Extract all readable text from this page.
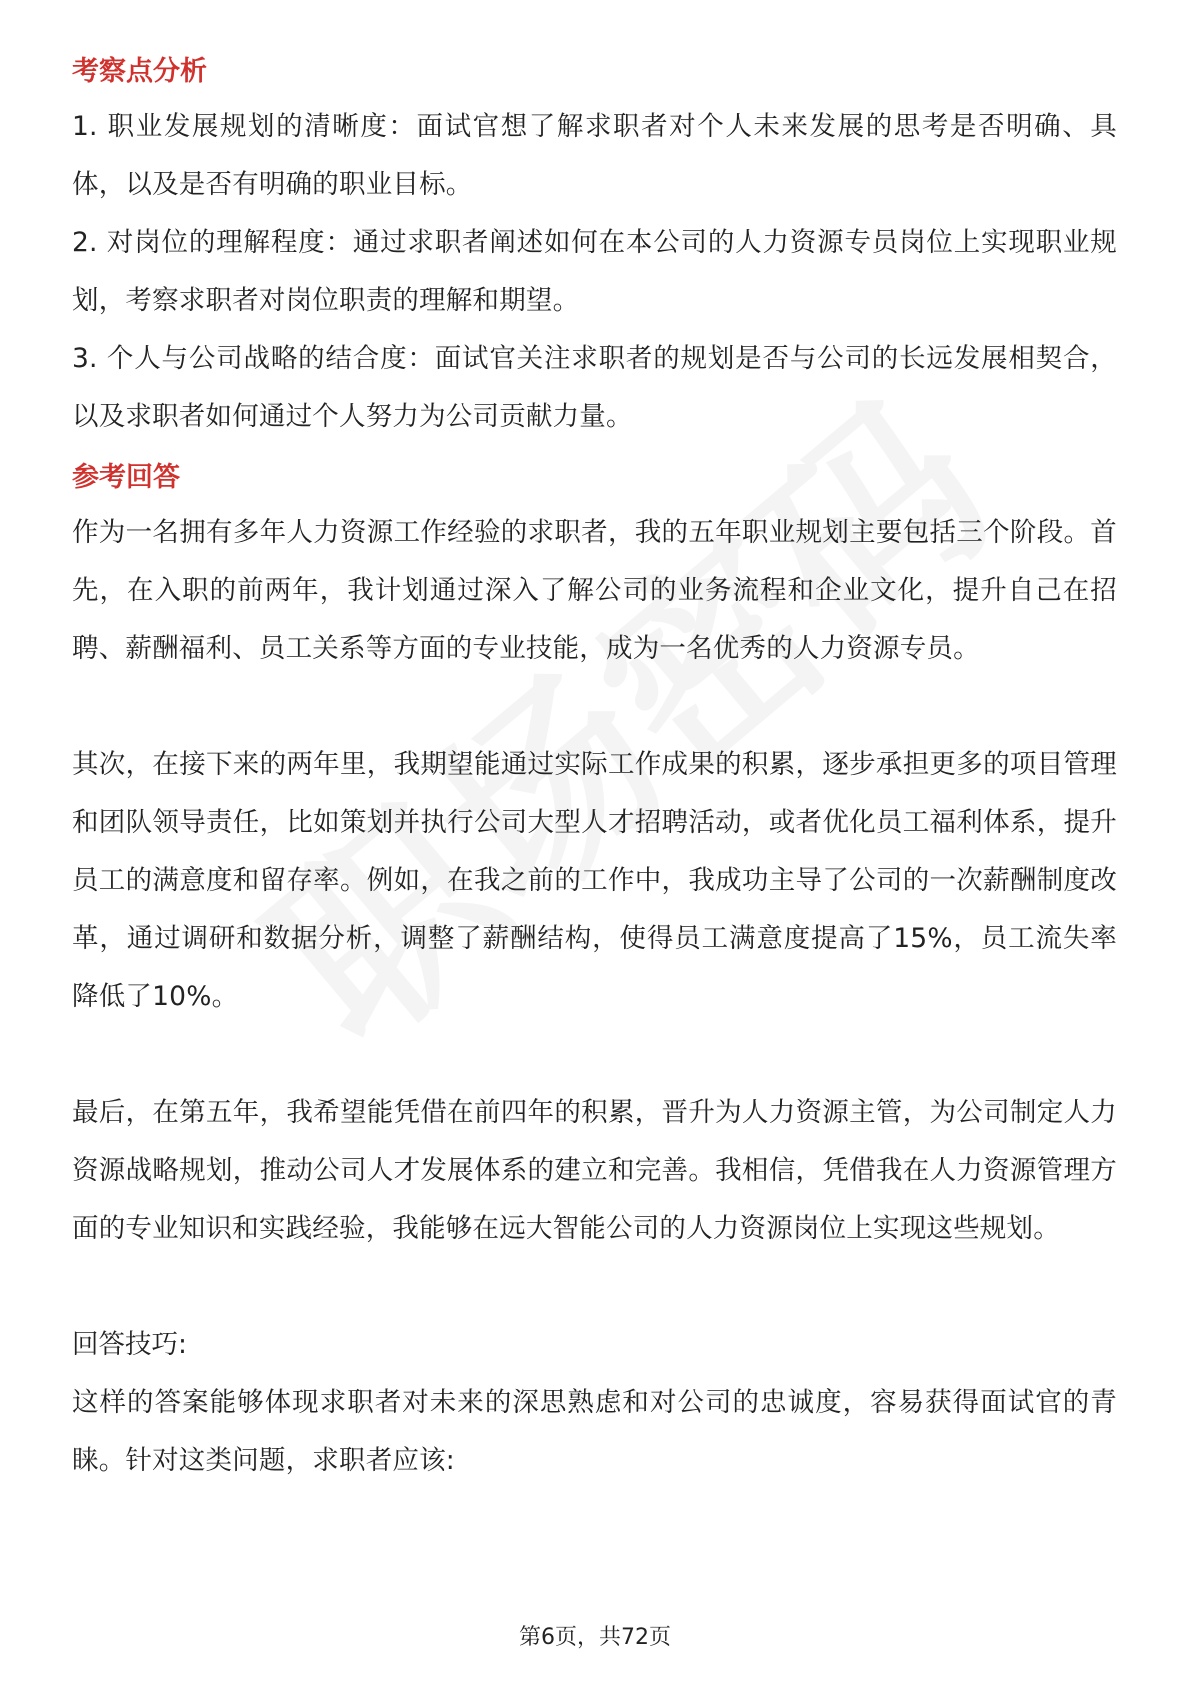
考察点分析

1. 职业发展规划的清晰度：面试官想了解求职者对个人未来发展的思考是否明确、具体，以及是否有明确的职业目标。

2. 对岗位的理解程度：通过求职者阐述如何在本公司的人力资源专员岗位上实现职业规划，考察求职者对岗位职责的理解和期望。

3. 个人与公司战略的结合度：面试官关注求职者的规划是否与公司的长远发展相契合，以及求职者如何通过个人努力为公司贡献力量。

参考回答

作为一名拥有多年人力资源工作经验的求职者，我的五年职业规划主要包括三个阶段。首先，在入职的前两年，我计划通过深入了解公司的业务流程和企业文化，提升自己在招聘、薪酬福利、员工关系等方面的专业技能，成为一名优秀的人力资源专员。

其次，在接下来的两年里，我期望能通过实际工作成果的积累，逐步承担更多的项目管理和团队领导责任，比如策划并执行公司大型人才招聘活动，或者优化员工福利体系，提升员工的满意度和留存率。例如，在我之前的工作中，我成功主导了公司的一次薪酬制度改革，通过调研和数据分析，调整了薪酬结构，使得员工满意度提高了15%，员工流失率降低了10%。

最后，在第五年，我希望能凭借在前四年的积累，晋升为人力资源主管，为公司制定人力资源战略规划，推动公司人才发展体系的建立和完善。我相信，凭借我在人力资源管理方面的专业知识和实践经验，我能够在远大智能公司的人力资源岗位上实现这些规划。

回答技巧:

这样的答案能够体现求职者对未来的深思熟虑和对公司的忠诚度，容易获得面试官的青睐。针对这类问题，求职者应该:

第6页，共72页
